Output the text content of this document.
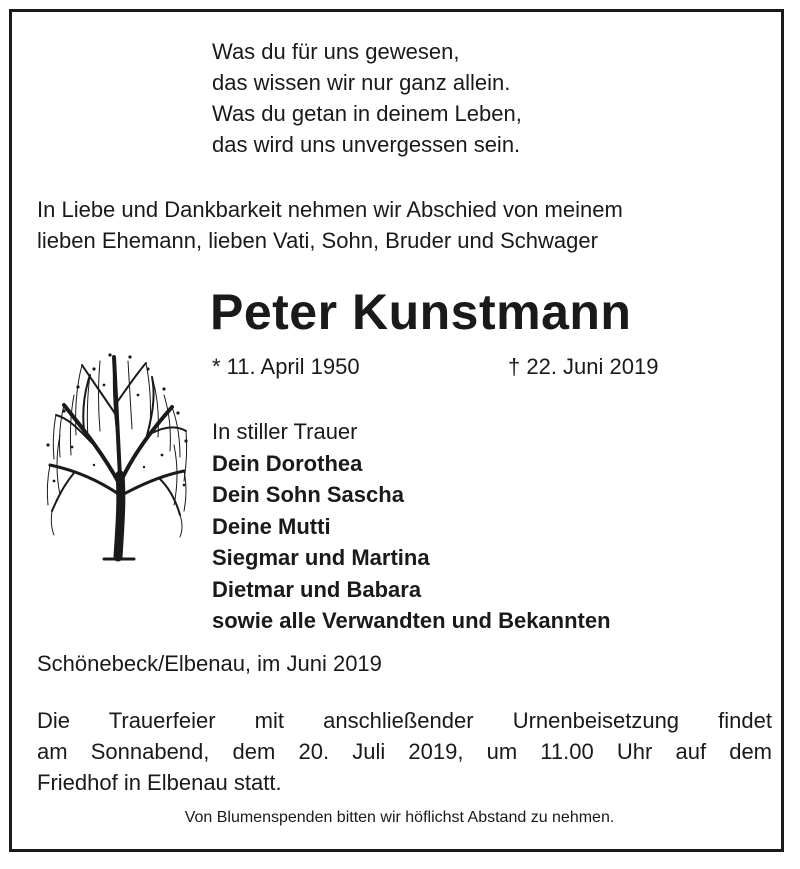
Was du für uns gewesen,
das wissen wir nur ganz allein.
Was du getan in deinem Leben,
das wird uns unvergessen sein.
In Liebe und Dankbarkeit nehmen wir Abschied von meinem
lieben Ehemann, lieben Vati, Sohn, Bruder und Schwager
Peter Kunstmann
* 11. April 1950	† 22. Juni 2019
In stiller Trauer
Dein Dorothea
Dein Sohn Sascha
Deine Mutti
Siegmar und Martina
Dietmar und Babara
sowie alle Verwandten und Bekannten
Schönebeck/Elbenau, im Juni 2019
Die Trauerfeier mit anschließender Urnenbeisetzung findet
am Sonnabend, dem 20. Juli 2019, um 11.00 Uhr auf dem
Friedhof in Elbenau statt.
Von Blumenspenden bitten wir höflichst Abstand zu nehmen.
